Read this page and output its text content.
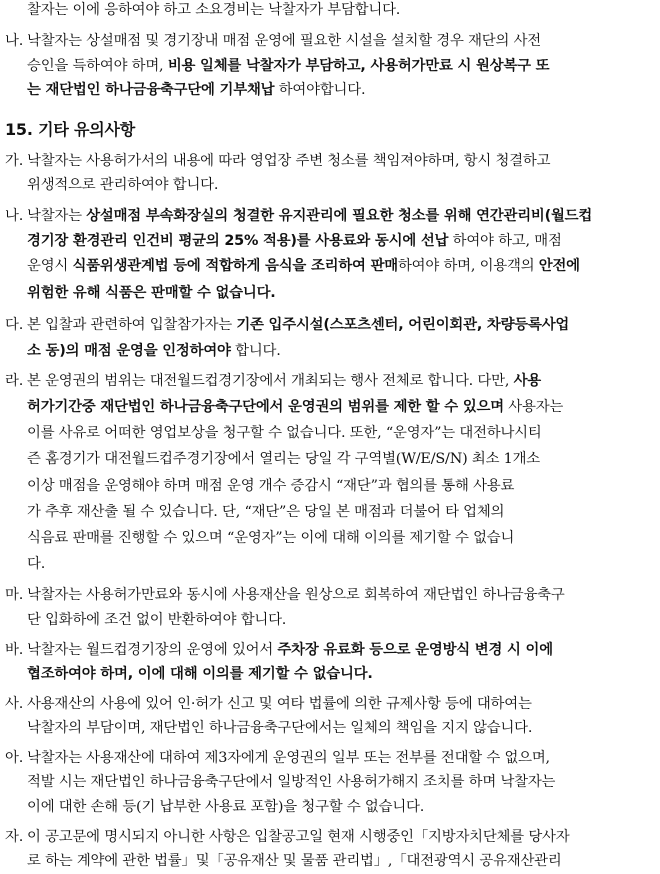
찰자는 이에 응하여야 하고 소요경비는 낙찰자가 부담합니다.
나. 낙찰자는 상설매점 및 경기장내 매점 운영에 필요한 시설을 설치할 경우 재단의 사전
승인을 득하여야 하며, 비용 일체를 낙찰자가 부담하고, 사용허가만료 시 원상복구 또
는 재단법인 하나금융축구단에 기부채납 하여야합니다.
15. 기타 유의사항
가. 낙찰자는 사용허가서의 내용에 따라 영업장 주변 청소를 책임져야하며, 항시 청결하고
위생적으로 관리하여야 합니다.
나. 낙찰자는 상설매점 부속화장실의 청결한 유지관리에 필요한 청소를 위해 연간관리비(월드컵
경기장 환경관리 인건비 평균의 25% 적용)를 사용료와 동시에 선납 하여야 하고, 매점
운영시 식품위생관계법 등에 적합하게 음식을 조리하여 판매하여야 하며, 이용객의 안전에
위험한 유해 식품은 판매할 수 없습니다.
다. 본 입찰과 관련하여 입찰참가자는 기존 입주시설(스포츠센터, 어린이회관, 차량등록사업
소 동)의 매점 운영을 인정하여야 합니다.
라. 본 운영권의 범위는 대전월드컵경기장에서 개최되는 행사 전체로 합니다. 다만, 사용
허가기간중 재단법인 하나금융축구단에서 운영권의 범위를 제한 할 수 있으며 사용자는
이를 사유로 어떠한 영업보상을 청구할 수 없습니다. 또한, “운영자”는 대전하나시티
즌 홈경기가 대전월드컵주경기장에서 열리는 당일 각 구역별(W/E/S/N) 최소 1개소
이상 매점을 운영해야 하며 매점 운영 개수 증감시 “재단”과 협의를 통해 사용료
가 추후 재산출 될 수 있습니다. 단, “재단”은 당일 본 매점과 더불어 타 업체의
식음료 판매를 진행할 수 있으며 “운영자”는 이에 대해 이의를 제기할 수 없습니
다.
마. 낙찰자는 사용허가만료와 동시에 사용재산을 원상으로 회복하여 재단법인 하나금융축구
단 입화하에 조건 없이 반환하여야 합니다.
바. 낙찰자는 월드컵경기장의 운영에 있어서 주차장 유료화 등으로 운영방식 변경 시 이에
협조하여야 하며, 이에 대해 이의를 제기할 수 없습니다.
사. 사용재산의 사용에 있어 인·허가 신고 및 여타 법률에 의한 규제사항 등에 대하여는
낙찰자의 부담이며, 재단법인 하나금융축구단에서는 일체의 책임을 지지 않습니다.
아. 낙찰자는 사용재산에 대하여 제3자에게 운영권의 일부 또는 전부를 전대할 수 없으며,
적발 시는 재단법인 하나금융축구단에서 일방적인 사용허가해지 조치를 하며 낙찰자는
이에 대한 손해 등(기 납부한 사용료 포함)을 청구할 수 없습니다.
자. 이 공고문에 명시되지 아니한 사항은 입찰공고일 현재 시행중인「지방자치단체를 당사자
로 하는 계약에 관한 법률」및「공유재산 및 물품 관리법」,「대전광역시 공유재산관리
